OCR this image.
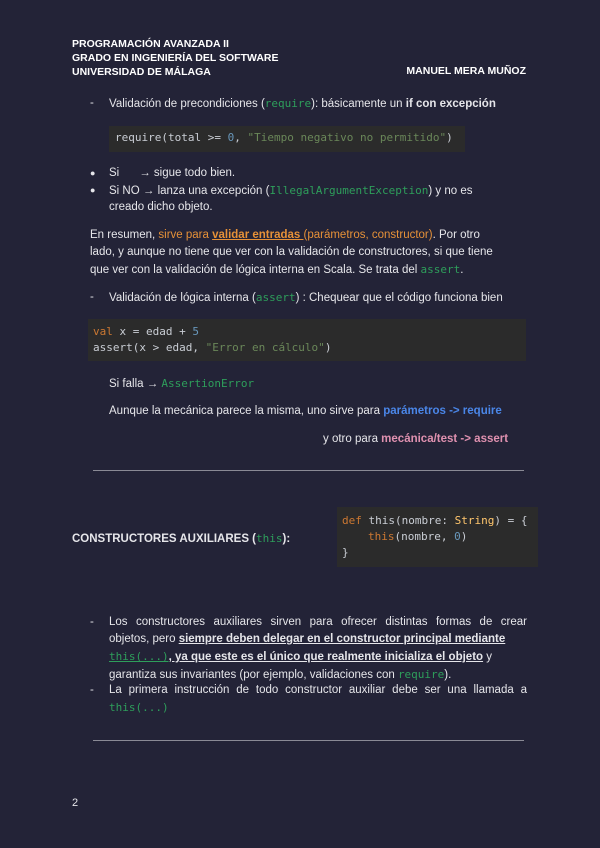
PROGRAMACIÓN AVANZADA II
GRADO EN INGENIERÍA DEL SOFTWARE
UNIVERSIDAD DE MÁLAGA	MANUEL MERA MUÑOZ
- Validación de precondiciones (require): básicamente un if con excepción
require(total >= 0, "Tiempo negativo no permitido")
● Si → sigue todo bien.
● Si NO → lanza una excepción (IllegalArgumentException) y no es
creado dicho objeto.
En resumen, sirve para validar entradas (parámetros, constructor). Por otro
lado, y aunque no tiene que ver con la validación de constructores, si que tiene
que ver con la validación de lógica interna en Scala. Se trata del assert.
- Validación de lógica interna (assert) : Chequear que el código funciona bien
val x = edad + 5
assert(x > edad, "Error en cálculo")
Si falla → AssertionError
Aunque la mecánica parece la misma, uno sirve para parámetros -> require
y otro para mecánica/test -> assert
CONSTRUCTORES AUXILIARES (this):
def this(nombre: String) = {
this(nombre, 0)
}
- Los constructores auxiliares sirven para ofrecer distintas formas de crear
objetos, pero siempre deben delegar en el constructor principal mediante
this(...), ya que este es el único que realmente inicializa el objeto y
garantiza sus invariantes (por ejemplo, validaciones con require).
- La primera instrucción de todo constructor auxiliar debe ser una llamada a
this(...)
2
